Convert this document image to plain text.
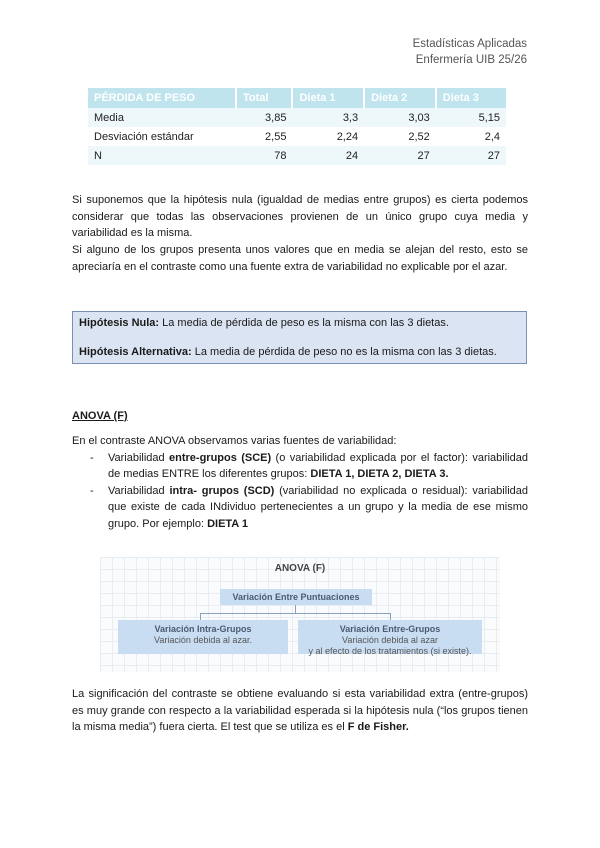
Estadísticas Aplicadas
Enfermería UIB 25/26
PÉRDIDA DE PESO	Total	Dieta 1	Dieta 2	Dieta 3
Media	3,85	3,3	3,03	5,15
Desviación estándar	2,55	2,24	2,52	2,4
N	78	24	27	27
Si suponemos que la hipótesis nula (igualdad de medias entre grupos) es cierta podemos considerar que todas las observaciones provienen de un único grupo cuya media y variabilidad es la misma.
Si alguno de los grupos presenta unos valores que en media se alejan del resto, esto se apreciaría en el contraste como una fuente extra de variabilidad no explicable por el azar.

Hipótesis Nula: La media de pérdida de peso es la misma con las 3 dietas.

Hipótesis Alternativa: La media de pérdida de peso no es la misma con las 3 dietas.

ANOVA (F)

En el contraste ANOVA observamos varias fuentes de variabilidad:

- Variabilidad entre-grupos (SCE) (o variabilidad explicada por el factor): variabilidad de medias ENTRE los diferentes grupos: DIETA 1, DIETA 2, DIETA 3.
- Variabilidad intra- grupos (SCD) (variabilidad no explicada o residual): variabilidad que existe de cada INdividuo pertenecientes a un grupo y la media de ese mismo grupo. Por ejemplo: DIETA 1
ANOVA (F)
Variación Entre Puntuaciones
Variación Intra-Grupos
Variación debida al azar.
Variación Entre-Grupos
Variación debida al azar
y al efecto de los tratamientos (si existe).
La significación del contraste se obtiene evaluando si esta variabilidad extra (entre-grupos) es muy grande con respecto a la variabilidad esperada si la hipótesis nula (“los grupos tienen la misma media”) fuera cierta. El test que se utiliza es el F de Fisher.
